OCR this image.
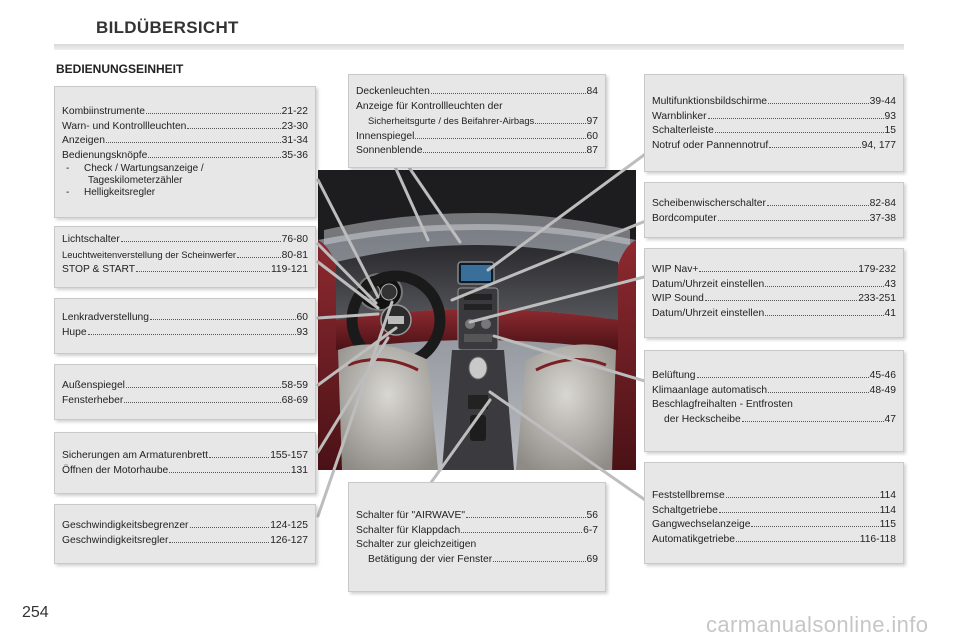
BILDÜBERSICHT
BEDIENUNGSEINHEIT
Kombiinstrumente	21-22
Warn- und Kontrollleuchten	23-30
Anzeigen	31-34
Bedienungsknöpfe	35-36
- Check / Wartungsanzeige /
Tageskilometerzähler
- Helligkeitsregler
Lichtschalter	76-80
Leuchtweitenverstellung der Scheinwerfer	80-81
STOP & START	119-121
Lenkradverstellung	60
Hupe	93
Außenspiegel	58-59
Fensterheber	68-69
Sicherungen am Armaturenbrett	155-157
Öffnen der Motorhaube	131
Geschwindigkeitsbegrenzer	124-125
Geschwindigkeitsregler	126-127
Deckenleuchten	84
Anzeige für Kontrollleuchten der
Sicherheitsgurte / des Beifahrer-Airbags	97
Innenspiegel	60
Sonnenblende	87
Schalter für "AIRWAVE"	56
Schalter für Klappdach	6-7
Schalter zur gleichzeitigen
Betätigung der vier Fenster	69
Multifunktionsbildschirme	39-44
Warnblinker	93
Schalterleiste	15
Notruf oder Pannennotruf	94, 177
Scheibenwischerschalter	82-84
Bordcomputer	37-38
WIP Nav+	179-232
Datum/Uhrzeit einstellen	43
WIP Sound	233-251
Datum/Uhrzeit einstellen	41
Belüftung	45-46
Klimaanlage automatisch	48-49
Beschlagfreihalten - Entfrosten
der Heckscheibe	47
Feststellbremse	114
Schaltgetriebe	114
Gangwechselanzeige	115
Automatikgetriebe	116-118
254	carmanualsonline.info
